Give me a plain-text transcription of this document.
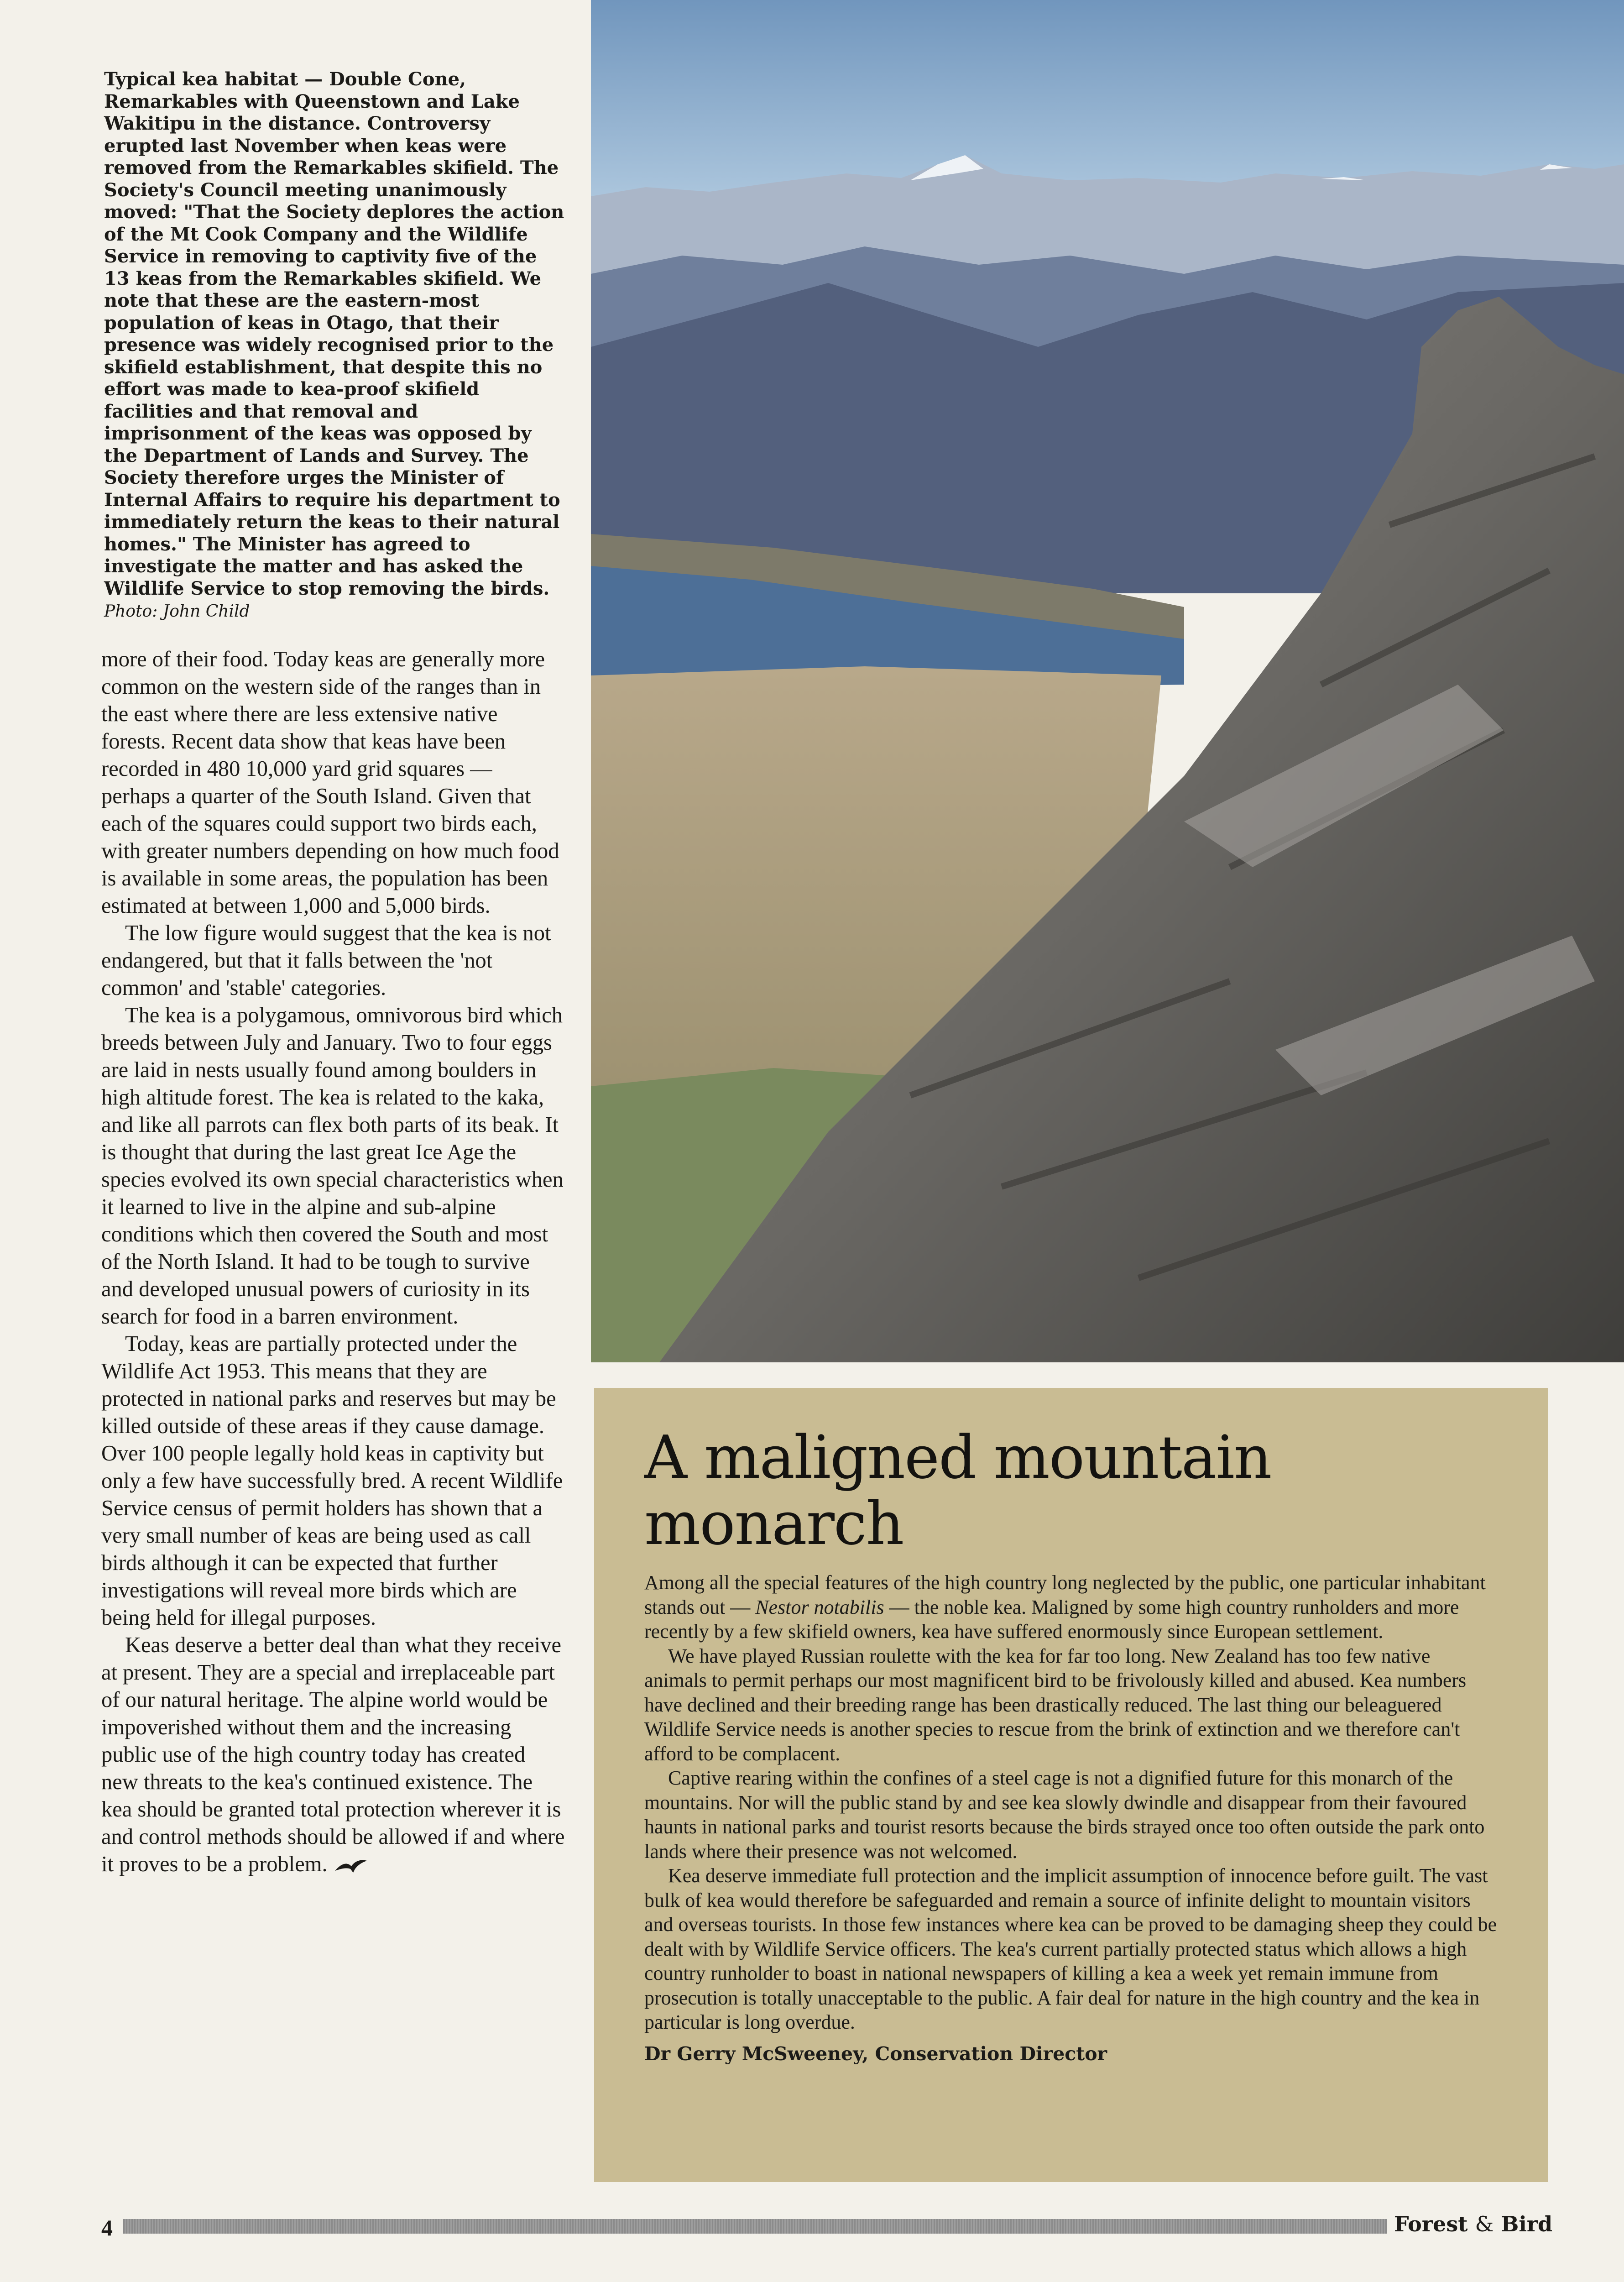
Typical kea habitat — Double Cone, Remarkables with Queenstown and Lake Wakitipu in the distance. Controversy erupted last November when keas were removed from the Remarkables skifield. The Society's Council meeting unanimously moved: "That the Society deplores the action of the Mt Cook Company and the Wildlife Service in removing to captivity five of the 13 keas from the Remarkables skifield. We note that these are the eastern-most population of keas in Otago, that their presence was widely recognised prior to the skifield establishment, that despite this no effort was made to kea-proof skifield facilities and that removal and imprisonment of the keas was opposed by the Department of Lands and Survey. The Society therefore urges the Minister of Internal Affairs to require his department to immediately return the keas to their natural homes." The Minister has agreed to investigate the matter and has asked the Wildlife Service to stop removing the birds. Photo: John Child

more of their food. Today keas are generally more common on the western side of the ranges than in the east where there are less extensive native forests. Recent data show that keas have been recorded in 480 10,000 yard grid squares — perhaps a quarter of the South Island. Given that each of the squares could support two birds each, with greater numbers depending on how much food is available in some areas, the population has been estimated at between 1,000 and 5,000 birds.

The low figure would suggest that the kea is not endangered, but that it falls between the 'not common' and 'stable' categories.

The kea is a polygamous, omnivorous bird which breeds between July and January. Two to four eggs are laid in nests usually found among boulders in high altitude forest. The kea is related to the kaka, and like all parrots can flex both parts of its beak. It is thought that during the last great Ice Age the species evolved its own special characteristics when it learned to live in the alpine and sub-alpine conditions which then covered the South and most of the North Island. It had to be tough to survive and developed unusual powers of curiosity in its search for food in a barren environment.

Today, keas are partially protected under the Wildlife Act 1953. This means that they are protected in national parks and reserves but may be killed outside of these areas if they cause damage. Over 100 people legally hold keas in captivity but only a few have successfully bred. A recent Wildlife Service census of permit holders has shown that a very small number of keas are being used as call birds although it can be expected that further investigations will reveal more birds which are being held for illegal purposes.

Keas deserve a better deal than what they receive at present. They are a special and irreplaceable part of our natural heritage. The alpine world would be impoverished without them and the increasing public use of the high country today has created new threats to the kea's continued existence. The kea should be granted total protection wherever it is and control methods should be allowed if and where it proves to be a problem.

A maligned mountain monarch

Among all the special features of the high country long neglected by the public, one particular inhabitant stands out — Nestor notabilis — the noble kea. Maligned by some high country runholders and more recently by a few skifield owners, kea have suffered enormously since European settlement.

We have played Russian roulette with the kea for far too long. New Zealand has too few native animals to permit perhaps our most magnificent bird to be frivolously killed and abused. Kea numbers have declined and their breeding range has been drastically reduced. The last thing our beleaguered Wildlife Service needs is another species to rescue from the brink of extinction and we therefore can't afford to be complacent.

Captive rearing within the confines of a steel cage is not a dignified future for this monarch of the mountains. Nor will the public stand by and see kea slowly dwindle and disappear from their favoured haunts in national parks and tourist resorts because the birds strayed once too often outside the park onto lands where their presence was not welcomed.

Kea deserve immediate full protection and the implicit assumption of innocence before guilt. The vast bulk of kea would therefore be safeguarded and remain a source of infinite delight to mountain visitors and overseas tourists. In those few instances where kea can be proved to be damaging sheep they could be dealt with by Wildlife Service officers. The kea's current partially protected status which allows a high country runholder to boast in national newspapers of killing a kea a week yet remain immune from prosecution is totally unacceptable to the public. A fair deal for nature in the high country and the kea in particular is long overdue.

Dr Gerry McSweeney, Conservation Director
4	Forest & Bird
